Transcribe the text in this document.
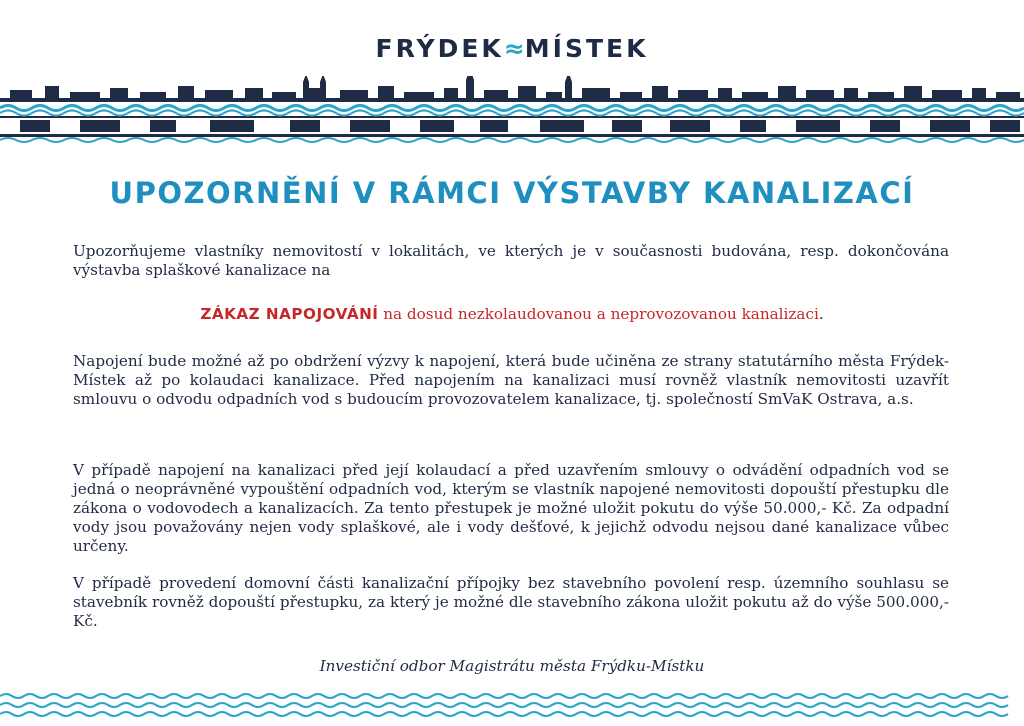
FRÝDEK≈MÍSTEK
UPOZORNĚNÍ V RÁMCI VÝSTAVBY KANALIZACÍ
Upozorňujeme vlastníky nemovitostí v lokalitách, ve kterých je v současnosti budována, resp. dokončována výstavba splaškové kanalizace na
ZÁKAZ NAPOJOVÁNÍ na dosud nezkolaudovanou a neprovozovanou kanalizaci.
Napojení bude možné až po obdržení výzvy k napojení, která bude učiněna ze strany statutárního města Frýdek-Místek až po kolaudaci kanalizace. Před napojením na kanalizaci musí rovněž vlastník nemovitosti uzavřít smlouvu o odvodu odpadních vod s budoucím provozovatelem kanalizace, tj. společností SmVaK Ostrava, a.s.
V případě napojení na kanalizaci před její kolaudací a před uzavřením smlouvy o odvádění odpadních vod se jedná o neoprávněné vypouštění odpadních vod, kterým se vlastník napojené nemovitosti dopouští přestupku dle zákona o vodovodech a kanalizacích. Za tento přestupek je možné uložit pokutu do výše 50.000,- Kč. Za odpadní vody jsou považovány nejen vody splaškové, ale i vody dešťové, k jejichž odvodu nejsou dané kanalizace vůbec určeny.
V případě provedení domovní části kanalizační přípojky bez stavebního povolení resp. územního souhlasu se stavebník rovněž dopouští přestupku, za který je možné dle stavebního zákona uložit pokutu až do výše 500.000,- Kč.
Investiční odbor Magistrátu města Frýdku-Místku
